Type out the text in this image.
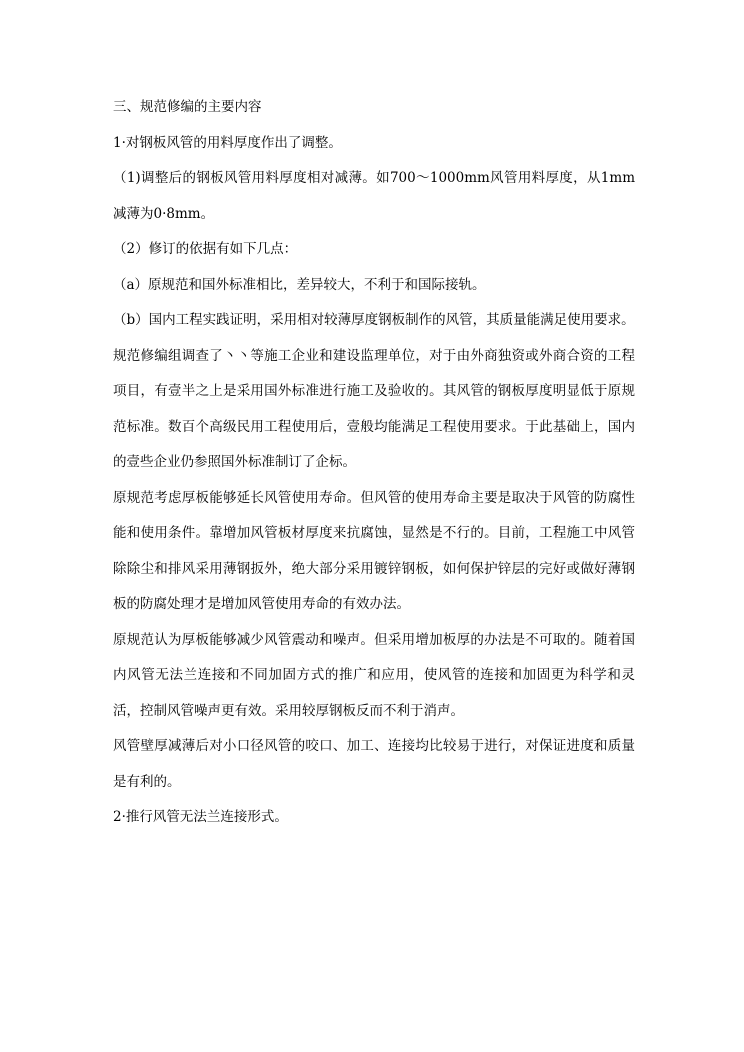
三、规范修编的主要内容

1·对钢板风管的用料厚度作出了调整。

（1)调整后的钢板风管用料厚度相对减薄。如700～1000mm风管用料厚度，从1mm减薄为0·8mm。

（2）修订的依据有如下几点：

（a）原规范和国外标准相比，差异较大，不利于和国际接轨。

（b）国内工程实践证明，采用相对较薄厚度钢板制作的风管，其质量能满足使用要求。

规范修编组调查了丶丶等施工企业和建设监理单位，对于由外商独资或外商合资的工程项目，有壹半之上是采用国外标准进行施工及验收的。其风管的钢板厚度明显低于原规范标准。数百个高级民用工程使用后，壹般均能满足工程使用要求。于此基础上，国内的壹些企业仍参照国外标准制订了企标。

原规范考虑厚板能够延长风管使用寿命。但风管的使用寿命主要是取决于风管的防腐性能和使用条件。靠增加风管板材厚度来抗腐蚀，显然是不行的。目前，工程施工中风管除除尘和排风采用薄钢扳外，绝大部分采用镀锌钢板，如何保护锌层的完好或做好薄钢板的防腐处理才是增加风管使用寿命的有效办法。

原规范认为厚板能够减少风管震动和噪声。但采用增加板厚的办法是不可取的。随着国内风管无法兰连接和不同加固方式的推广和应用，使风管的连接和加固更为科学和灵活，控制风管噪声更有效。采用较厚钢板反而不利于消声。

风管壁厚减薄后对小口径风管的咬口、加工、连接均比较易于进行，对保证进度和质量是有利的。

2·推行风管无法兰连接形式。
